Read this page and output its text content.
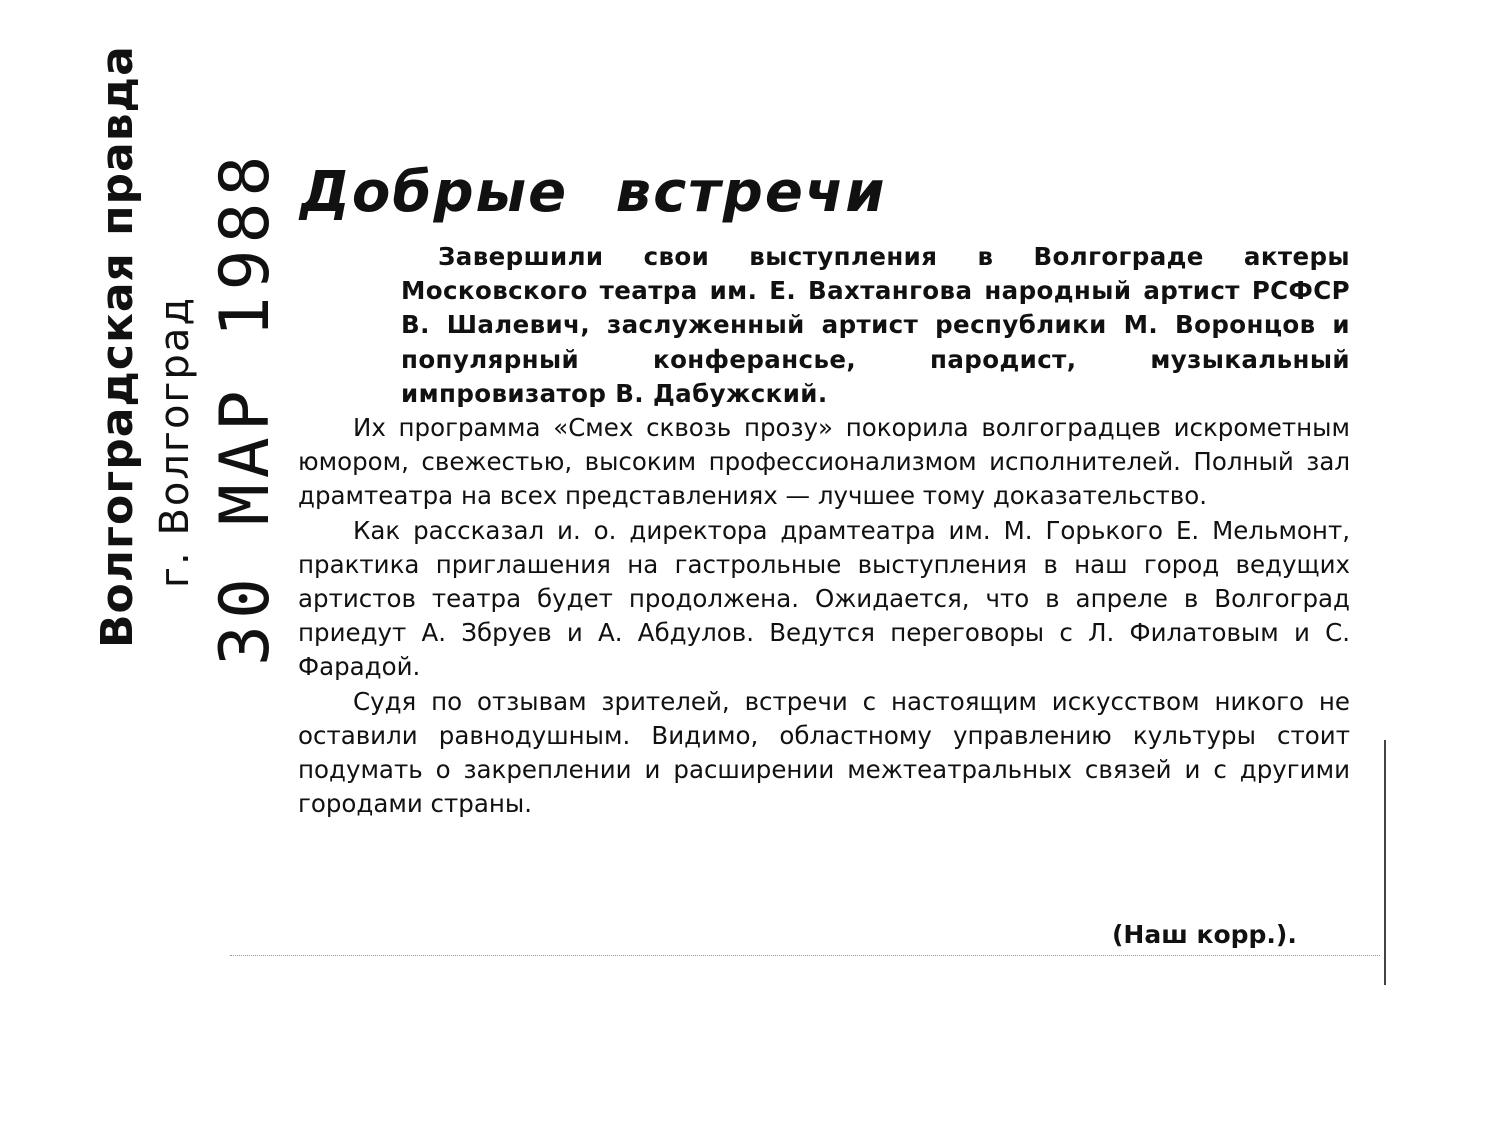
Волгоградская правда г. Волгоград 30 МАР 1988 Добрые встречи

Завершили свои выступления в Волгограде актеры Московского театра им. Е. Вахтангова народный артист РСФСР В. Шалевич, заслуженный артист республики М. Воронцов и популярный конферансье, пародист, музыкальный импровизатор В. Дабужский.

Их программа «Смех сквозь прозу» покорила волгоградцев искрометным юмором, свежестью, высоким профессионализмом исполнителей. Полный зал драмтеатра на всех представлениях — лучшее тому доказательство.

Как рассказал и. о. директора драмтеатра им. М. Горького Е. Мельмонт, практика приглашения на гастрольные выступления в наш город ведущих артистов театра будет продолжена. Ожидается, что в апреле в Волгоград приедут А. Збруев и А. Абдулов. Ведутся переговоры с Л. Филатовым и С. Фарадой.

Судя по отзывам зрителей, встречи с настоящим искусством никого не оставили равнодушным. Видимо, областному управлению культуры стоит подумать о закреплении и расширении межтеатральных связей и с другими городами страны.

(Наш корр.).
